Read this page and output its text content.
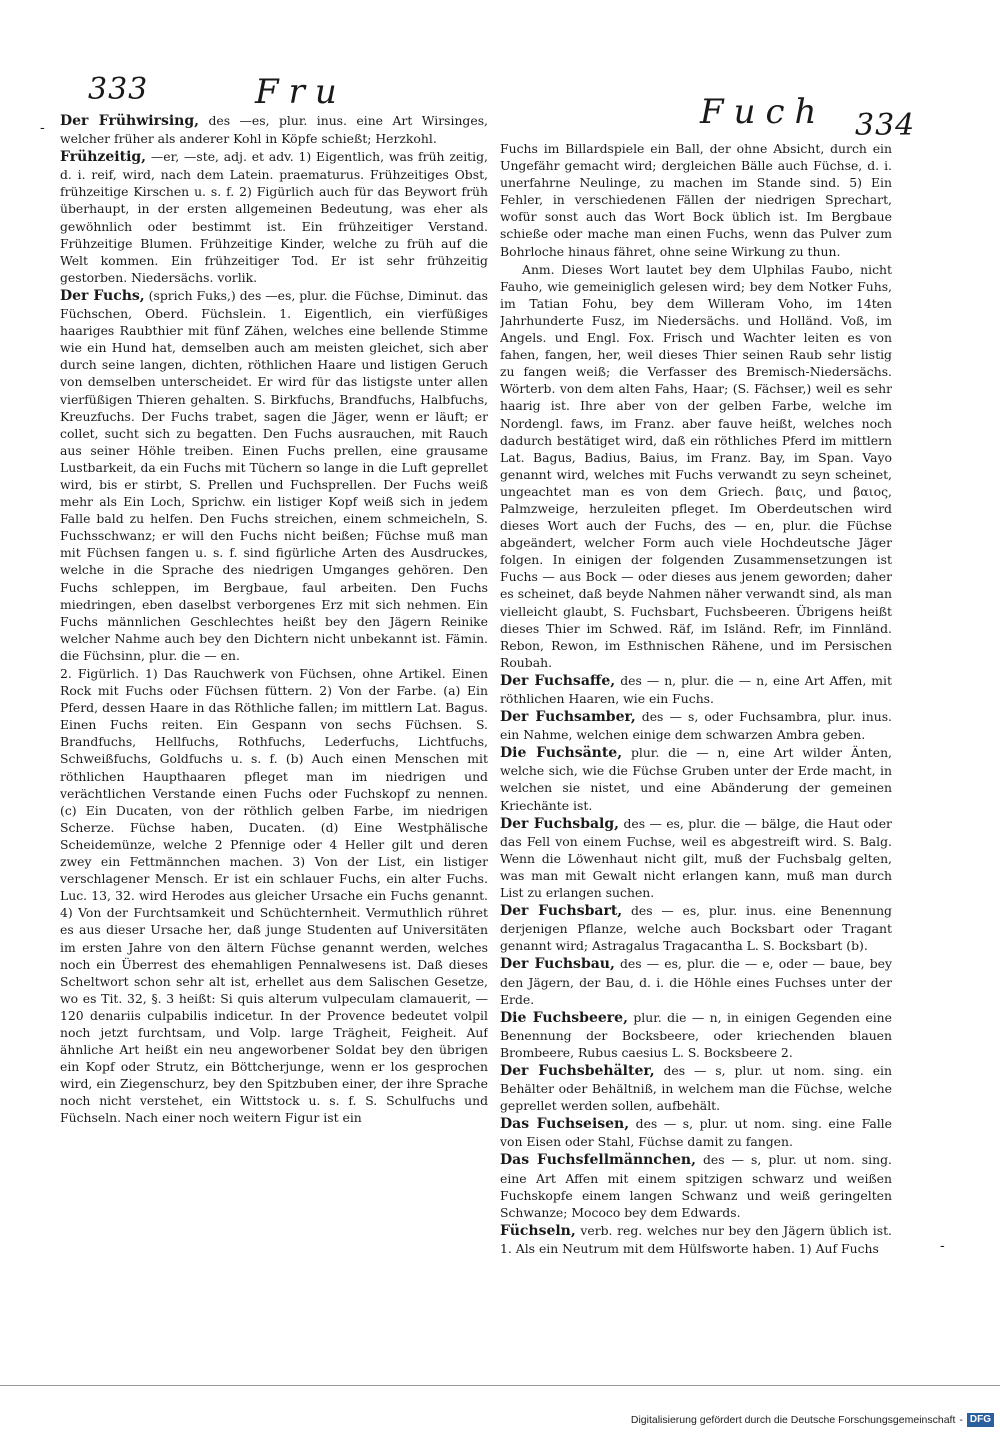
333	Fru	Fuch 334
-
-

Der Frühwirsing, des —es, plur. inus. eine Art Wirsinges, welcher früher als anderer Kohl in Köpfe schießt; Herzkohl.

Frühzeitig, —er, —ste, adj. et adv. 1) Eigentlich, was früh zeitig, d. i. reif, wird, nach dem Latein. praematurus. Frühzeitiges Obst, frühzeitige Kirschen u. s. f. 2) Figürlich auch für das Beywort früh überhaupt, in der ersten allgemeinen Bedeutung, was eher als gewöhnlich oder bestimmt ist. Ein frühzeitiger Verstand. Frühzeitige Blumen. Frühzeitige Kinder, welche zu früh auf die Welt kommen. Ein frühzeitiger Tod. Er ist sehr frühzeitig gestorben. Niedersächs. vorlik.

Der Fuchs, (sprich Fuks,) des —es, plur. die Füchse, Diminut. das Füchschen, Oberd. Füchslein. 1. Eigentlich, ein vierfüßiges haariges Raubthier mit fünf Zähen, welches eine bellende Stimme wie ein Hund hat, demselben auch am meisten gleichet, sich aber durch seine langen, dichten, röthlichen Haare und listigen Geruch von demselben unterscheidet. Er wird für das listigste unter allen vierfüßigen Thieren gehalten. S. Birkfuchs, Brandfuchs, Halbfuchs, Kreuzfuchs. Der Fuchs trabet, sagen die Jäger, wenn er läuft; er collet, sucht sich zu begatten. Den Fuchs ausrauchen, mit Rauch aus seiner Höhle treiben. Einen Fuchs prellen, eine grausame Lustbarkeit, da ein Fuchs mit Tüchern so lange in die Luft geprellet wird, bis er stirbt, S. Prellen und Fuchsprellen. Der Fuchs weiß mehr als Ein Loch, Sprichw. ein listiger Kopf weiß sich in jedem Falle bald zu helfen. Den Fuchs streichen, einem schmeicheln, S. Fuchsschwanz; er will den Fuchs nicht beißen; Füchse muß man mit Füchsen fangen u. s. f. sind figürliche Arten des Ausdruckes, welche in die Sprache des niedrigen Umganges gehören. Den Fuchs schleppen, im Bergbaue, faul arbeiten. Den Fuchs miedringen, eben daselbst verborgenes Erz mit sich nehmen. Ein Fuchs männlichen Geschlechtes heißt bey den Jägern Reinike welcher Nahme auch bey den Dichtern nicht unbekannt ist. Fämin. die Füchsinn, plur. die — en.

2. Figürlich. 1) Das Rauchwerk von Füchsen, ohne Artikel. Einen Rock mit Fuchs oder Füchsen füttern. 2) Von der Farbe. (a) Ein Pferd, dessen Haare in das Röthliche fallen; im mittlern Lat. Bagus. Einen Fuchs reiten. Ein Gespann von sechs Füchsen. S. Brandfuchs, Hellfuchs, Rothfuchs, Lederfuchs, Lichtfuchs, Schweißfuchs, Goldfuchs u. s. f. (b) Auch einen Menschen mit röthlichen Haupthaaren pfleget man im niedrigen und verächtlichen Verstande einen Fuchs oder Fuchskopf zu nennen. (c) Ein Ducaten, von der röthlich gelben Farbe, im niedrigen Scherze. Füchse haben, Ducaten. (d) Eine Westphälische Scheidemünze, welche 2 Pfennige oder 4 Heller gilt und deren zwey ein Fettmännchen machen. 3) Von der List, ein listiger verschlagener Mensch. Er ist ein schlauer Fuchs, ein alter Fuchs. Luc. 13, 32. wird Herodes aus gleicher Ursache ein Fuchs genannt. 4) Von der Furchtsamkeit und Schüchternheit. Vermuthlich rühret es aus dieser Ursache her, daß junge Studenten auf Universitäten im ersten Jahre von den ältern Füchse genannt werden, welches noch ein Überrest des ehemahligen Pennalwesens ist. Daß dieses Scheltwort schon sehr alt ist, erhellet aus dem Salischen Gesetze, wo es Tit. 32, §. 3 heißt: Si quis alterum vulpeculam clamauerit, —120 denariis culpabilis indicetur. In der Provence bedeutet volpil noch jetzt furchtsam, und Volp. large Trägheit, Feigheit. Auf ähnliche Art heißt ein neu angeworbener Soldat bey den übrigen ein Kopf oder Strutz, ein Böttcherjunge, wenn er los gesprochen wird, ein Ziegenschurz, bey den Spitzbuben einer, der ihre Sprache noch nicht verstehet, ein Wittstock u. s. f. S. Schulfuchs und Füchseln. Nach einer noch weitern Figur ist ein

Fuchs im Billardspiele ein Ball, der ohne Absicht, durch ein Ungefähr gemacht wird; dergleichen Bälle auch Füchse, d. i. unerfahrne Neulinge, zu machen im Stande sind. 5) Ein Fehler, in verschiedenen Fällen der niedrigen Sprechart, wofür sonst auch das Wort Bock üblich ist. Im Bergbaue schieße oder mache man einen Fuchs, wenn das Pulver zum Bohrloche hinaus fähret, ohne seine Wirkung zu thun.

Anm. Dieses Wort lautet bey dem Ulphilas Faubo, nicht Fauho, wie gemeiniglich gelesen wird; bey dem Notker Fuhs, im Tatian Fohu, bey dem Willeram Voho, im 14ten Jahrhunderte Fusz, im Niedersächs. und Holländ. Voß, im Angels. und Engl. Fox. Frisch und Wachter leiten es von fahen, fangen, her, weil dieses Thier seinen Raub sehr listig zu fangen weiß; die Verfasser des Bremisch-Niedersächs. Wörterb. von dem alten Fahs, Haar; (S. Fächser,) weil es sehr haarig ist. Ihre aber von der gelben Farbe, welche im Nordengl. faws, im Franz. aber fauve heißt, welches noch dadurch bestätiget wird, daß ein röthliches Pferd im mittlern Lat. Bagus, Badius, Baius, im Franz. Bay, im Span. Vayo genannt wird, welches mit Fuchs verwandt zu seyn scheinet, ungeachtet man es von dem Griech. βαις, und βαιος, Palmzweige, herzuleiten pfleget. Im Oberdeutschen wird dieses Wort auch der Fuchs, des — en, plur. die Füchse abgeändert, welcher Form auch viele Hochdeutsche Jäger folgen. In einigen der folgenden Zusammensetzungen ist Fuchs — aus Bock — oder dieses aus jenem geworden; daher es scheinet, daß beyde Nahmen näher verwandt sind, als man vielleicht glaubt, S. Fuchsbart, Fuchsbeeren. Übrigens heißt dieses Thier im Schwed. Räf, im Isländ. Refr, im Finnländ. Rebon, Rewon, im Esthnischen Rähene, und im Persischen Roubah.

Der Fuchsaffe, des — n, plur. die — n, eine Art Affen, mit röthlichen Haaren, wie ein Fuchs.

Der Fuchsamber, des — s, oder Fuchsambra, plur. inus. ein Nahme, welchen einige dem schwarzen Ambra geben.

Die Fuchsänte, plur. die — n, eine Art wilder Änten, welche sich, wie die Füchse Gruben unter der Erde macht, in welchen sie nistet, und eine Abänderung der gemeinen Kriechänte ist.

Der Fuchsbalg, des — es, plur. die — bälge, die Haut oder das Fell von einem Fuchse, weil es abgestreift wird. S. Balg. Wenn die Löwenhaut nicht gilt, muß der Fuchsbalg gelten, was man mit Gewalt nicht erlangen kann, muß man durch List zu erlangen suchen.

Der Fuchsbart, des — es, plur. inus. eine Benennung derjenigen Pflanze, welche auch Bocksbart oder Tragant genannt wird; Astragalus Tragacantha L. S. Bocksbart (b).

Der Fuchsbau, des — es, plur. die — e, oder — baue, bey den Jägern, der Bau, d. i. die Höhle eines Fuchses unter der Erde.

Die Fuchsbeere, plur. die — n, in einigen Gegenden eine Benennung der Bocksbeere, oder kriechenden blauen Brombeere, Rubus caesius L. S. Bocksbeere 2.

Der Fuchsbehälter, des — s, plur. ut nom. sing. ein Behälter oder Behältniß, in welchem man die Füchse, welche geprellet werden sollen, aufbehält.

Das Fuchseisen, des — s, plur. ut nom. sing. eine Falle von Eisen oder Stahl, Füchse damit zu fangen.

Das Fuchsfellmännchen, des — s, plur. ut nom. sing. eine Art Affen mit einem spitzigen schwarz und weißen Fuchskopfe einem langen Schwanz und weiß geringelten Schwanze; Mococo bey dem Edwards.

Füchseln, verb. reg. welches nur bey den Jägern üblich ist. 1. Als ein Neutrum mit dem Hülfsworte haben. 1) Auf Fuchs

Digitalisierung gefördert durch die Deutsche Forschungsgemeinschaft - DFG
